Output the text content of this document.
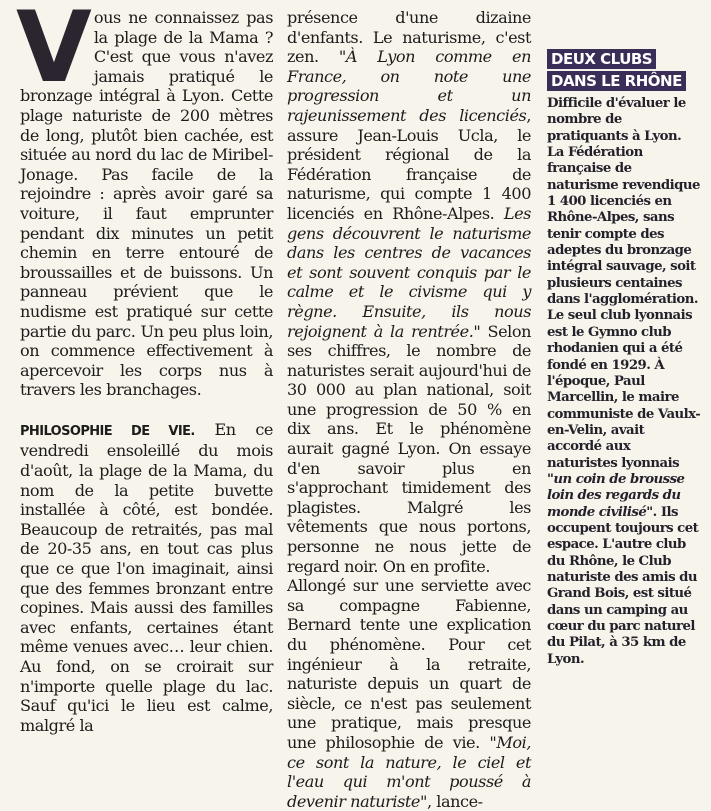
V ous ne connaissez pas la plage de la Mama ? C'est que vous n'avez jamais pratiqué le bronzage intégral à Lyon. Cette plage naturiste de 200 mètres de long, plutôt bien cachée, est située au nord du lac de Miribel-Jonage. Pas facile de la rejoindre : après avoir garé sa voiture, il faut emprunter pendant dix minutes un petit chemin en terre entouré de broussailles et de buissons. Un panneau prévient que le nudisme est pratiqué sur cette partie du parc. Un peu plus loin, on commence effectivement à apercevoir les corps nus à travers les branchages.

PHILOSOPHIE DE VIE. En ce vendredi ensoleillé du mois d'août, la plage de la Mama, du nom de la petite buvette installée à côté, est bondée. Beaucoup de retraités, pas mal de 20-35 ans, en tout cas plus que ce que l'on imaginait, ainsi que des femmes bronzant entre copines. Mais aussi des familles avec enfants, certaines étant même venues avec… leur chien. Au fond, on se croirait sur n'importe quelle plage du lac. Sauf qu'ici le lieu est calme, malgré la

présence d'une dizaine d'enfants. Le naturisme, c'est zen. "À Lyon comme en France, on note une progression et un rajeunissement des licenciés, assure Jean-Louis Ucla, le président régional de la Fédération française de naturisme, qui compte 1 400 licenciés en Rhône-Alpes. Les gens découvrent le naturisme dans les centres de vacances et sont souvent conquis par le calme et le civisme qui y règne. Ensuite, ils nous rejoignent à la rentrée." Selon ses chiffres, le nombre de naturistes serait aujourd'hui de 30 000 au plan national, soit une progression de 50 % en dix ans. Et le phénomène aurait gagné Lyon. On essaye d'en savoir plus en s'approchant timidement des plagistes. Malgré les vêtements que nous portons, personne ne nous jette de regard noir. On en profite.

Allongé sur une serviette avec sa compagne Fabienne, Bernard tente une explication du phénomène. Pour cet ingénieur à la retraite, naturiste depuis un quart de siècle, ce n'est pas seulement une pratique, mais presque une philosophie de vie. "Moi, ce sont la nature, le ciel et l'eau qui m'ont poussé à devenir naturiste", lance-

DEUX CLUBS
DANS LE RHÔNE
Difficile d'évaluer le nombre de pratiquants à Lyon. La Fédération française de naturisme revendique 1 400 licenciés en Rhône-Alpes, sans tenir compte des adeptes du bronzage intégral sauvage, soit plusieurs centaines dans l'agglomération. Le seul club lyonnais est le Gymno club rhodanien qui a été fondé en 1929. À l'époque, Paul Marcellin, le maire communiste de Vaulx-en-Velin, avait accordé aux naturistes lyonnais "un coin de brousse loin des regards du monde civilisé". Ils occupent toujours cet espace. L'autre club du Rhône, le Club naturiste des amis du Grand Bois, est situé dans un camping au cœur du parc naturel du Pilat, à 35 km de Lyon.
